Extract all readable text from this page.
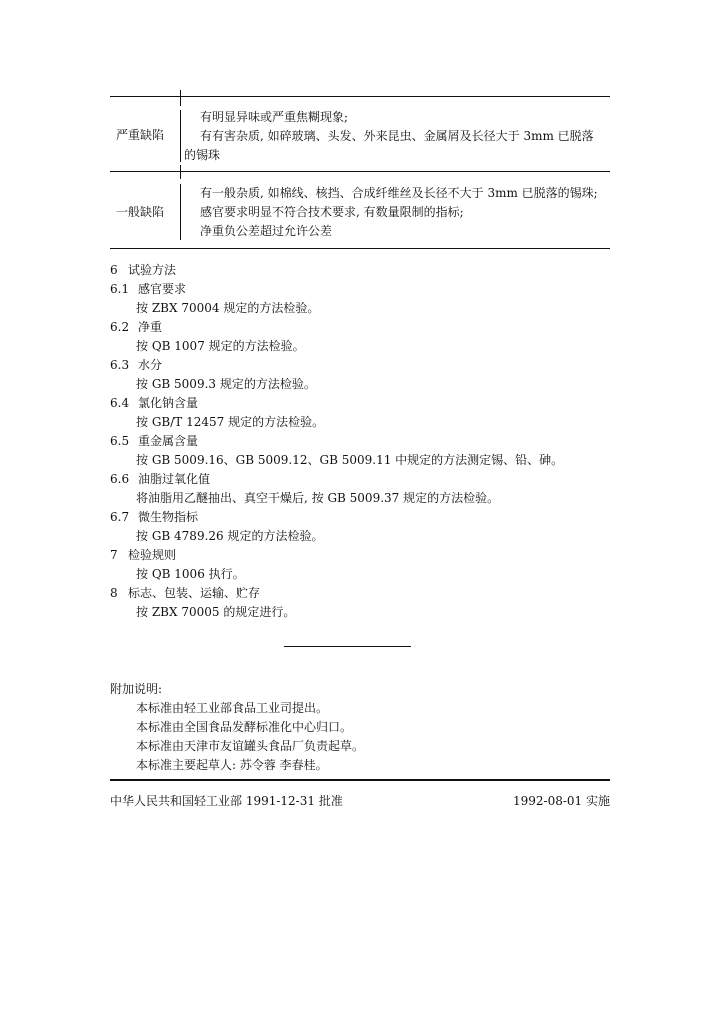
严重缺陷
有明显异味或严重焦糊现象;
有有害杂质, 如碎玻璃、头发、外来昆虫、金属屑及长径大于 3mm 已脱落
的锡珠
一般缺陷
有一般杂质, 如棉线、核挡、合成纤维丝及长径不大于 3mm 已脱落的锡珠;
感官要求明显不符合技术要求, 有数量限制的指标;
净重负公差超过允许公差
6 试验方法
6.1 感官要求
按 ZBX 70004 规定的方法检验。
6.2 净重
按 QB 1007 规定的方法检验。
6.3 水分
按 GB 5009.3 规定的方法检验。
6.4 氯化钠含量
按 GB/T 12457 规定的方法检验。
6.5 重金属含量
按 GB 5009.16、GB 5009.12、GB 5009.11 中规定的方法测定锡、铅、砷。
6.6 油脂过氧化值
将油脂用乙醚抽出、真空干燥后, 按 GB 5009.37 规定的方法检验。
6.7 微生物指标
按 GB 4789.26 规定的方法检验。
7 检验规则
按 QB 1006 执行。
8 标志、包装、运输、贮存
按 ZBX 70005 的规定进行。
附加说明:
本标准由轻工业部食品工业司提出。
本标准由全国食品发酵标准化中心归口。
本标准由天津市友谊罐头食品厂负责起草。
本标准主要起草人: 苏令蓉 李春桂。
中华人民共和国轻工业部 1991-12-31 批准	1992-08-01 实施
